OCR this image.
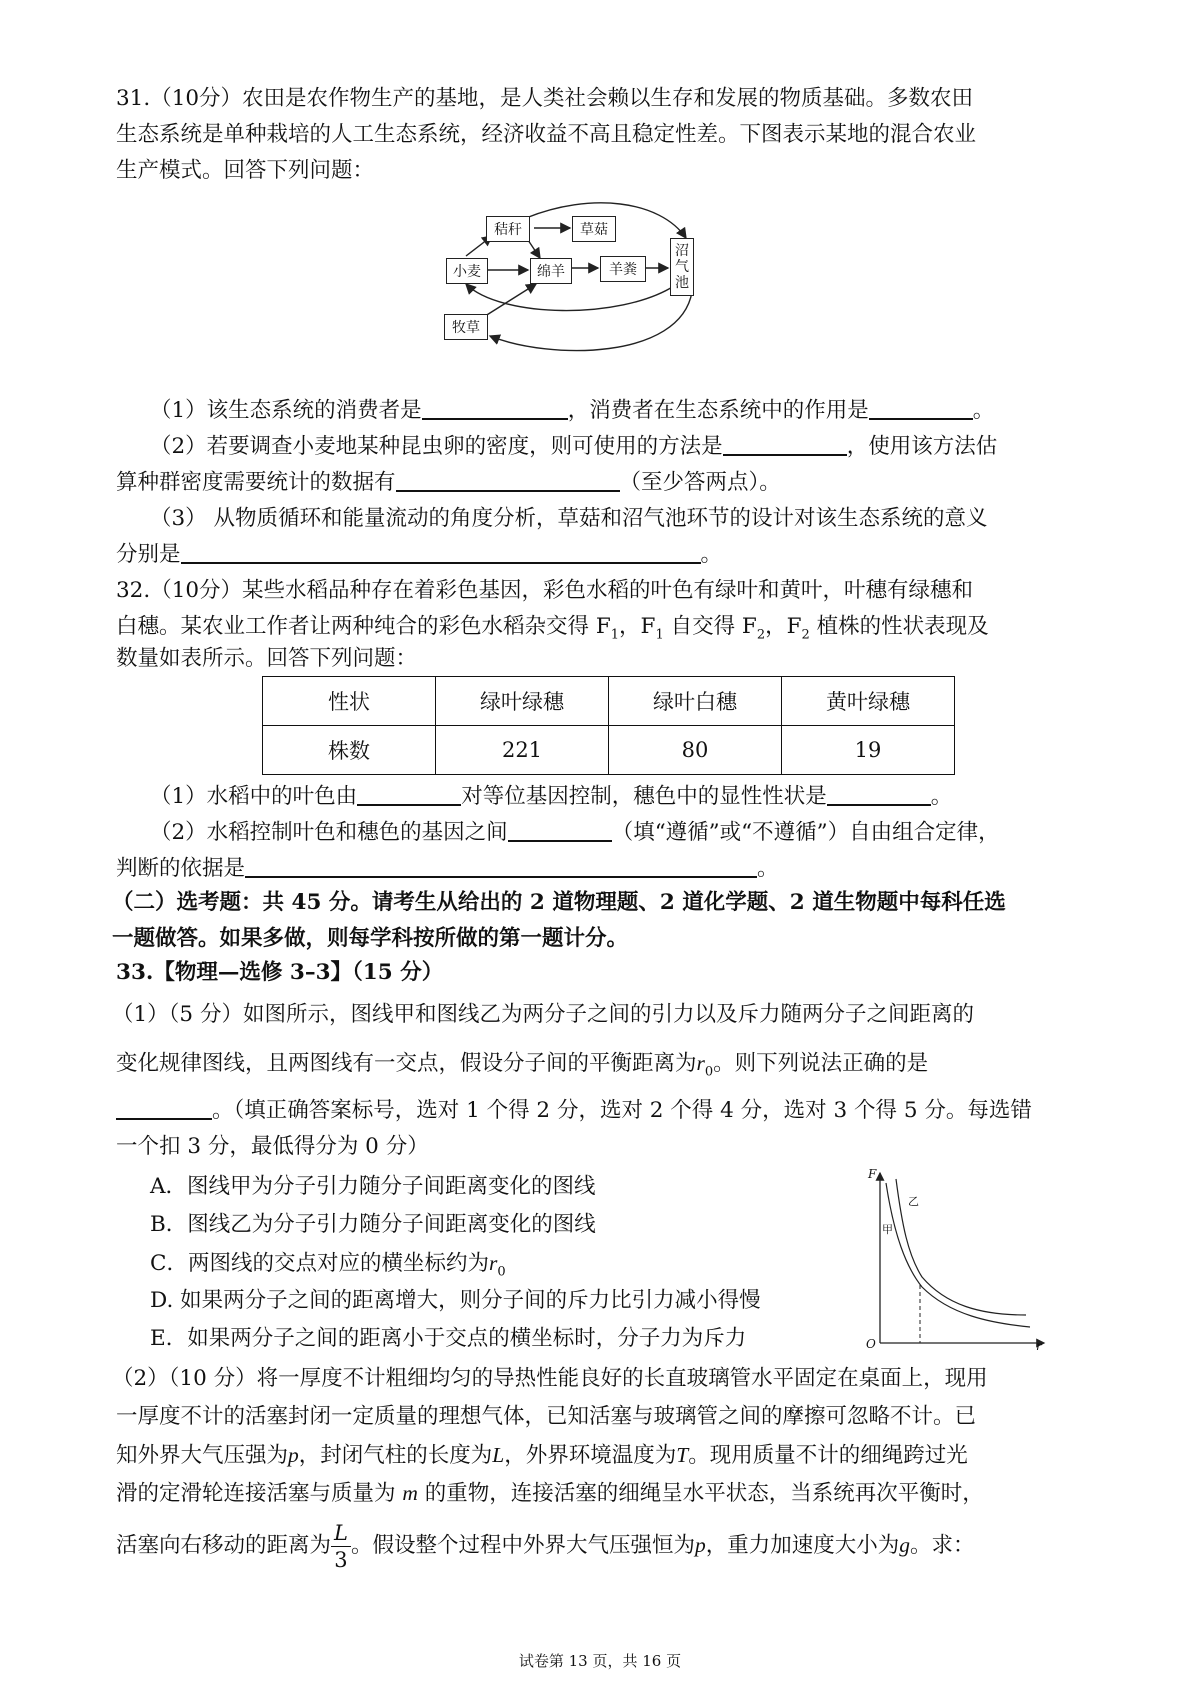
31.（10分）农田是农作物生产的基地，是人类社会赖以生存和发展的物质基础。多数农田
生态系统是单种栽培的人工生态系统，经济收益不高且稳定性差。下图表示某地的混合农业
生产模式。回答下列问题：
秸秆	草菇
小麦	绵羊	羊粪
沼
气
池
牧草
（1）该生态系统的消费者是	，消费者在生态系统中的作用是	。
（2）若要调查小麦地某种昆虫卵的密度，则可使用的方法是	，使用该方法估
算种群密度需要统计的数据有	（至少答两点）。
（3） 从物质循环和能量流动的角度分析，草菇和沼气池环节的设计对该生态系统的意义
分别是	。
32.（10分）某些水稻品种存在着彩色基因，彩色水稻的叶色有绿叶和黄叶，叶穗有绿穗和
白穗。某农业工作者让两种纯合的彩色水稻杂交得 $F_1$，$F_1$ 自交得 $F_2$，$F_2$ 植株的性状表现及
数量如表所示。回答下列问题：
性状	绿叶绿穗	绿叶白穗	黄叶绿穗
株数	221	80	19
（1）水稻中的叶色由	对等位基因控制，穗色中的显性性状是	。
（2）水稻控制叶色和穗色的基因之间	（填“遵循”或“不遵循”）自由组合定律，
判断的依据是	。
（二）选考题：共 45 分。请考生从给出的 2 道物理题、2 道化学题、2 道生物题中每科任选
一题做答。如果多做，则每学科按所做的第一题计分。
33.【物理—选修 3–3】（15 分）
（1）（5 分）如图所示，图线甲和图线乙为两分子之间的引力以及斥力随两分子之间距离的
变化规律图线，且两图线有一交点，假设分子间的平衡距离为$r_0$。则下列说法正确的是
。（填正确答案标号，选对 1 个得 2 分，选对 2 个得 4 分，选对 3 个得 5 分。每选错
一个扣 3 分，最低得分为 0 分）
A．图线甲为分子引力随分子间距离变化的图线
B．图线乙为分子引力随分子间距离变化的图线
C．两图线的交点对应的横坐标约为$r_0$
D. 如果两分子之间的距离增大，则分子间的斥力比引力减小得慢
E．如果两分子之间的距离小于交点的横坐标时，分子力为斥力
F
r
O
甲
乙
（2）（10 分）将一厚度不计粗细均匀的导热性能良好的长直玻璃管水平固定在桌面上，现用
一厚度不计的活塞封闭一定质量的理想气体，已知活塞与玻璃管之间的摩擦可忽略不计。已
知外界大气压强为p，封闭气柱的长度为L，外界环境温度为T。现用质量不计的细绳跨过光
滑的定滑轮连接活塞与质量为 m 的重物，连接活塞的细绳呈水平状态，当系统再次平衡时，
活塞向右移动的距离为 $\frac{L}{3}$ 。假设整个过程中外界大气压强恒为p，重力加速度大小为g。求：
试卷第 13 页，共 16 页
